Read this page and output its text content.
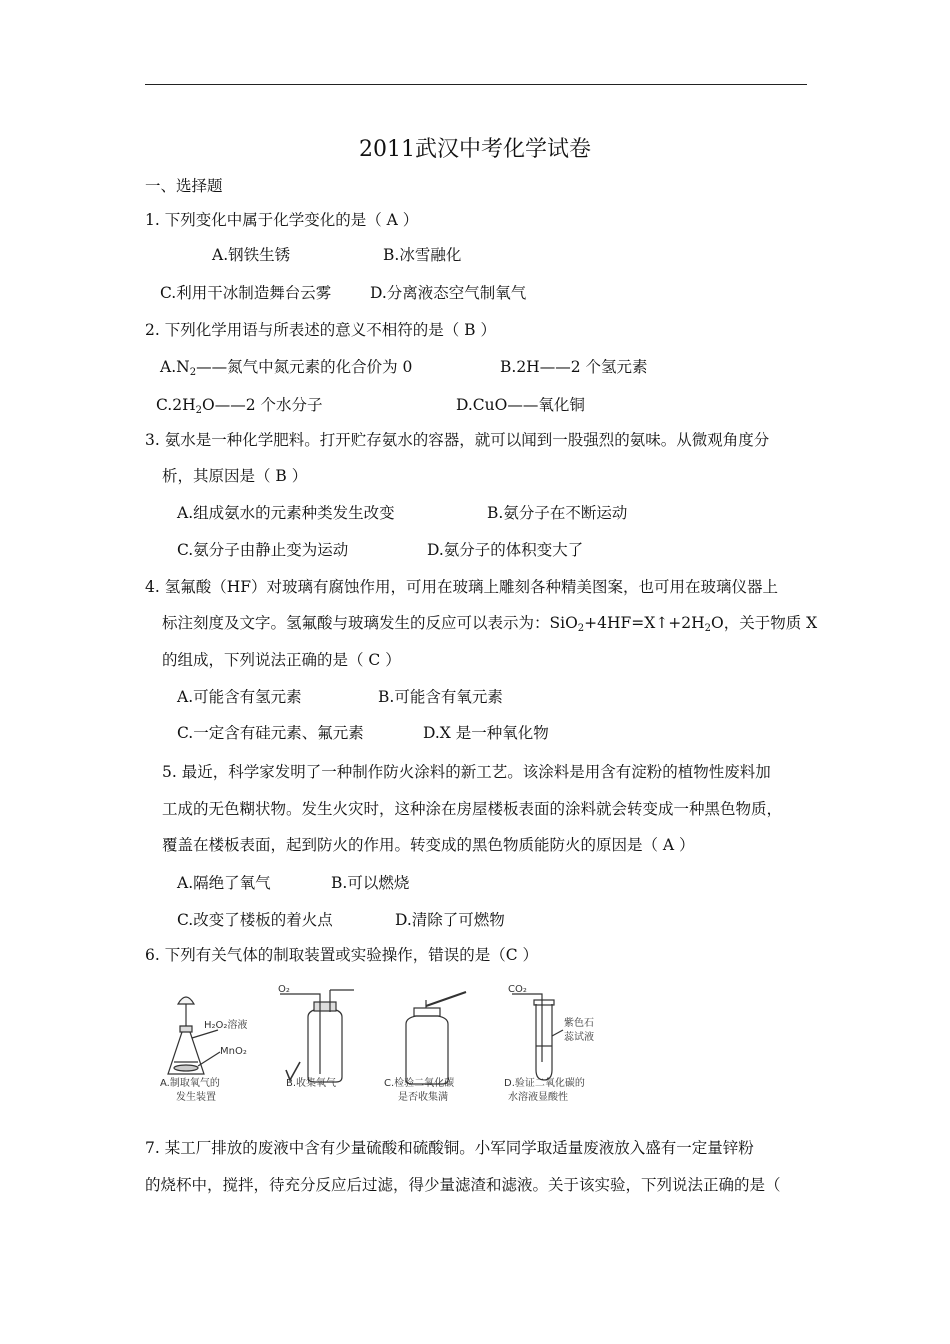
2011武汉中考化学试卷
一、选择题
1. 下列变化中属于化学变化的是（ A ）
A.钢铁生锈	B.冰雪融化
C.利用干冰制造舞台云雾	D.分离液态空气制氧气
2. 下列化学用语与所表述的意义不相符的是（ B ）
$A.N_2——$氮气中氮元素的化合价为 0	B.2H——2 个氢元素
$C.2H_2O——2$ 个水分子	D.CuO——氧化铜
3. 氨水是一种化学肥料。打开贮存氨水的容器，就可以闻到一股强烈的氨味。从微观角度分
析，其原因是（ B ）
A.组成氨水的元素种类发生改变	B.氨分子在不断运动
C.氨分子由静止变为运动	D.氨分子的体积变大了
4. 氢氟酸（HF）对玻璃有腐蚀作用，可用在玻璃上雕刻各种精美图案，也可用在玻璃仪器上
标注刻度及文字。氢氟酸与玻璃发生的反应可以表示为：$SiO_2+4HF=X↑+2H_2O$，关于物质 X
的组成，下列说法正确的是（ C ）
A.可能含有氢元素	B.可能含有氧元素
C.一定含有硅元素、氟元素	D.X 是一种氧化物
5. 最近，科学家发明了一种制作防火涂料的新工艺。该涂料是用含有淀粉的植物性废料加
工成的无色糊状物。发生火灾时，这种涂在房屋楼板表面的涂料就会转变成一种黑色物质，
覆盖在楼板表面，起到防火的作用。转变成的黑色物质能防火的原因是（ A ）
A.隔绝了氧气	B.可以燃烧
C.改变了楼板的着火点	D.清除了可燃物
6. 下列有关气体的制取装置或实验操作，错误的是（C ）
H₂O₂溶液
MnO₂
A.制取氧气的
发生装置
O₂
B.收集氧气	C.检验二氧化碳
是否收集满
CO₂
紫色石
蕊试液
D.验证二氧化碳的
水溶液显酸性
7. 某工厂排放的废液中含有少量硫酸和硫酸铜。小军同学取适量废液放入盛有一定量锌粉
的烧杯中，搅拌，待充分反应后过滤，得少量滤渣和滤液。关于该实验，下列说法正确的是（
